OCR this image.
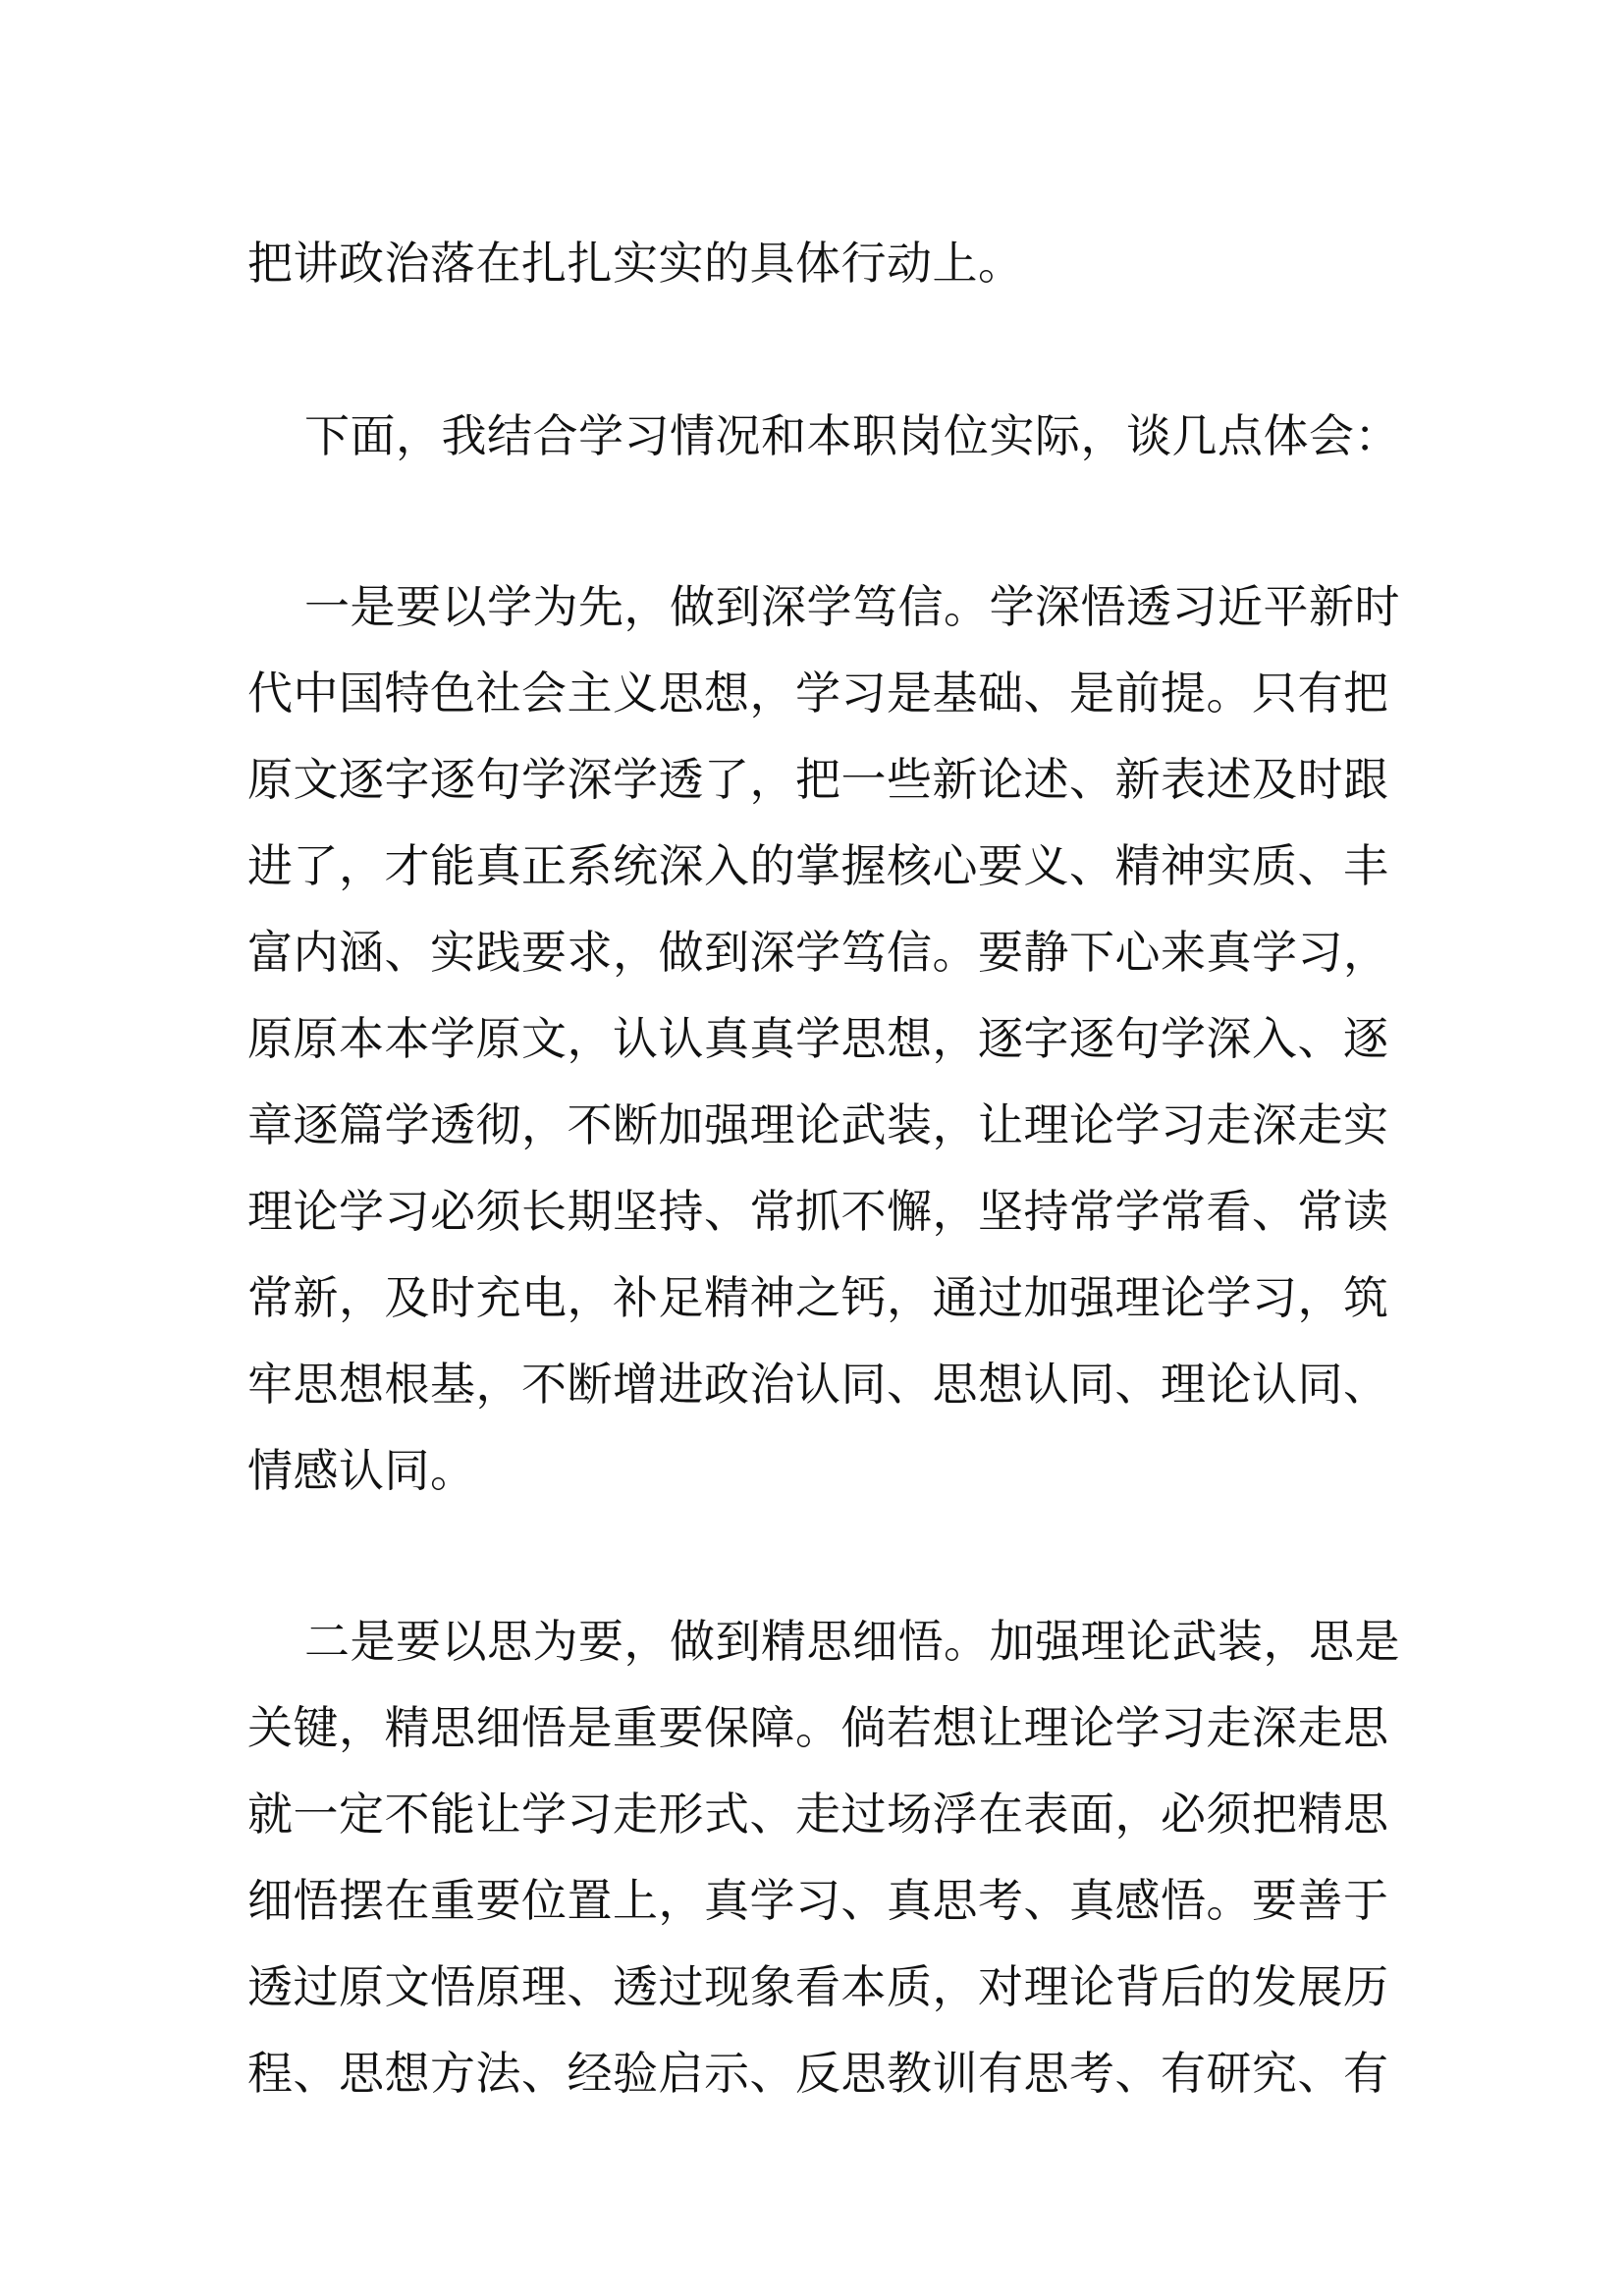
把讲政治落在扎扎实实的具体行动上。
下面，我结合学习情况和本职岗位实际，谈几点体会：
一是要以学为先，做到深学笃信。学深悟透习近平新时
代中国特色社会主义思想，学习是基础、是前提。只有把
原文逐字逐句学深学透了，把一些新论述、新表述及时跟
进了，才能真正系统深入的掌握核心要义、精神实质、丰
富内涵、实践要求，做到深学笃信。要静下心来真学习，
原原本本学原文，认认真真学思想，逐字逐句学深入、逐
章逐篇学透彻，不断加强理论武装，让理论学习走深走实
理论学习必须长期坚持、常抓不懈，坚持常学常看、常读
常新，及时充电，补足精神之钙，通过加强理论学习，筑
牢思想根基，不断增进政治认同、思想认同、理论认同、
情感认同。
二是要以思为要，做到精思细悟。加强理论武装，思是
关键，精思细悟是重要保障。倘若想让理论学习走深走思
就一定不能让学习走形式、走过场浮在表面，必须把精思
细悟摆在重要位置上，真学习、真思考、真感悟。要善于
透过原文悟原理、透过现象看本质，对理论背后的发展历
程、思想方法、经验启示、反思教训有思考、有研究、有
